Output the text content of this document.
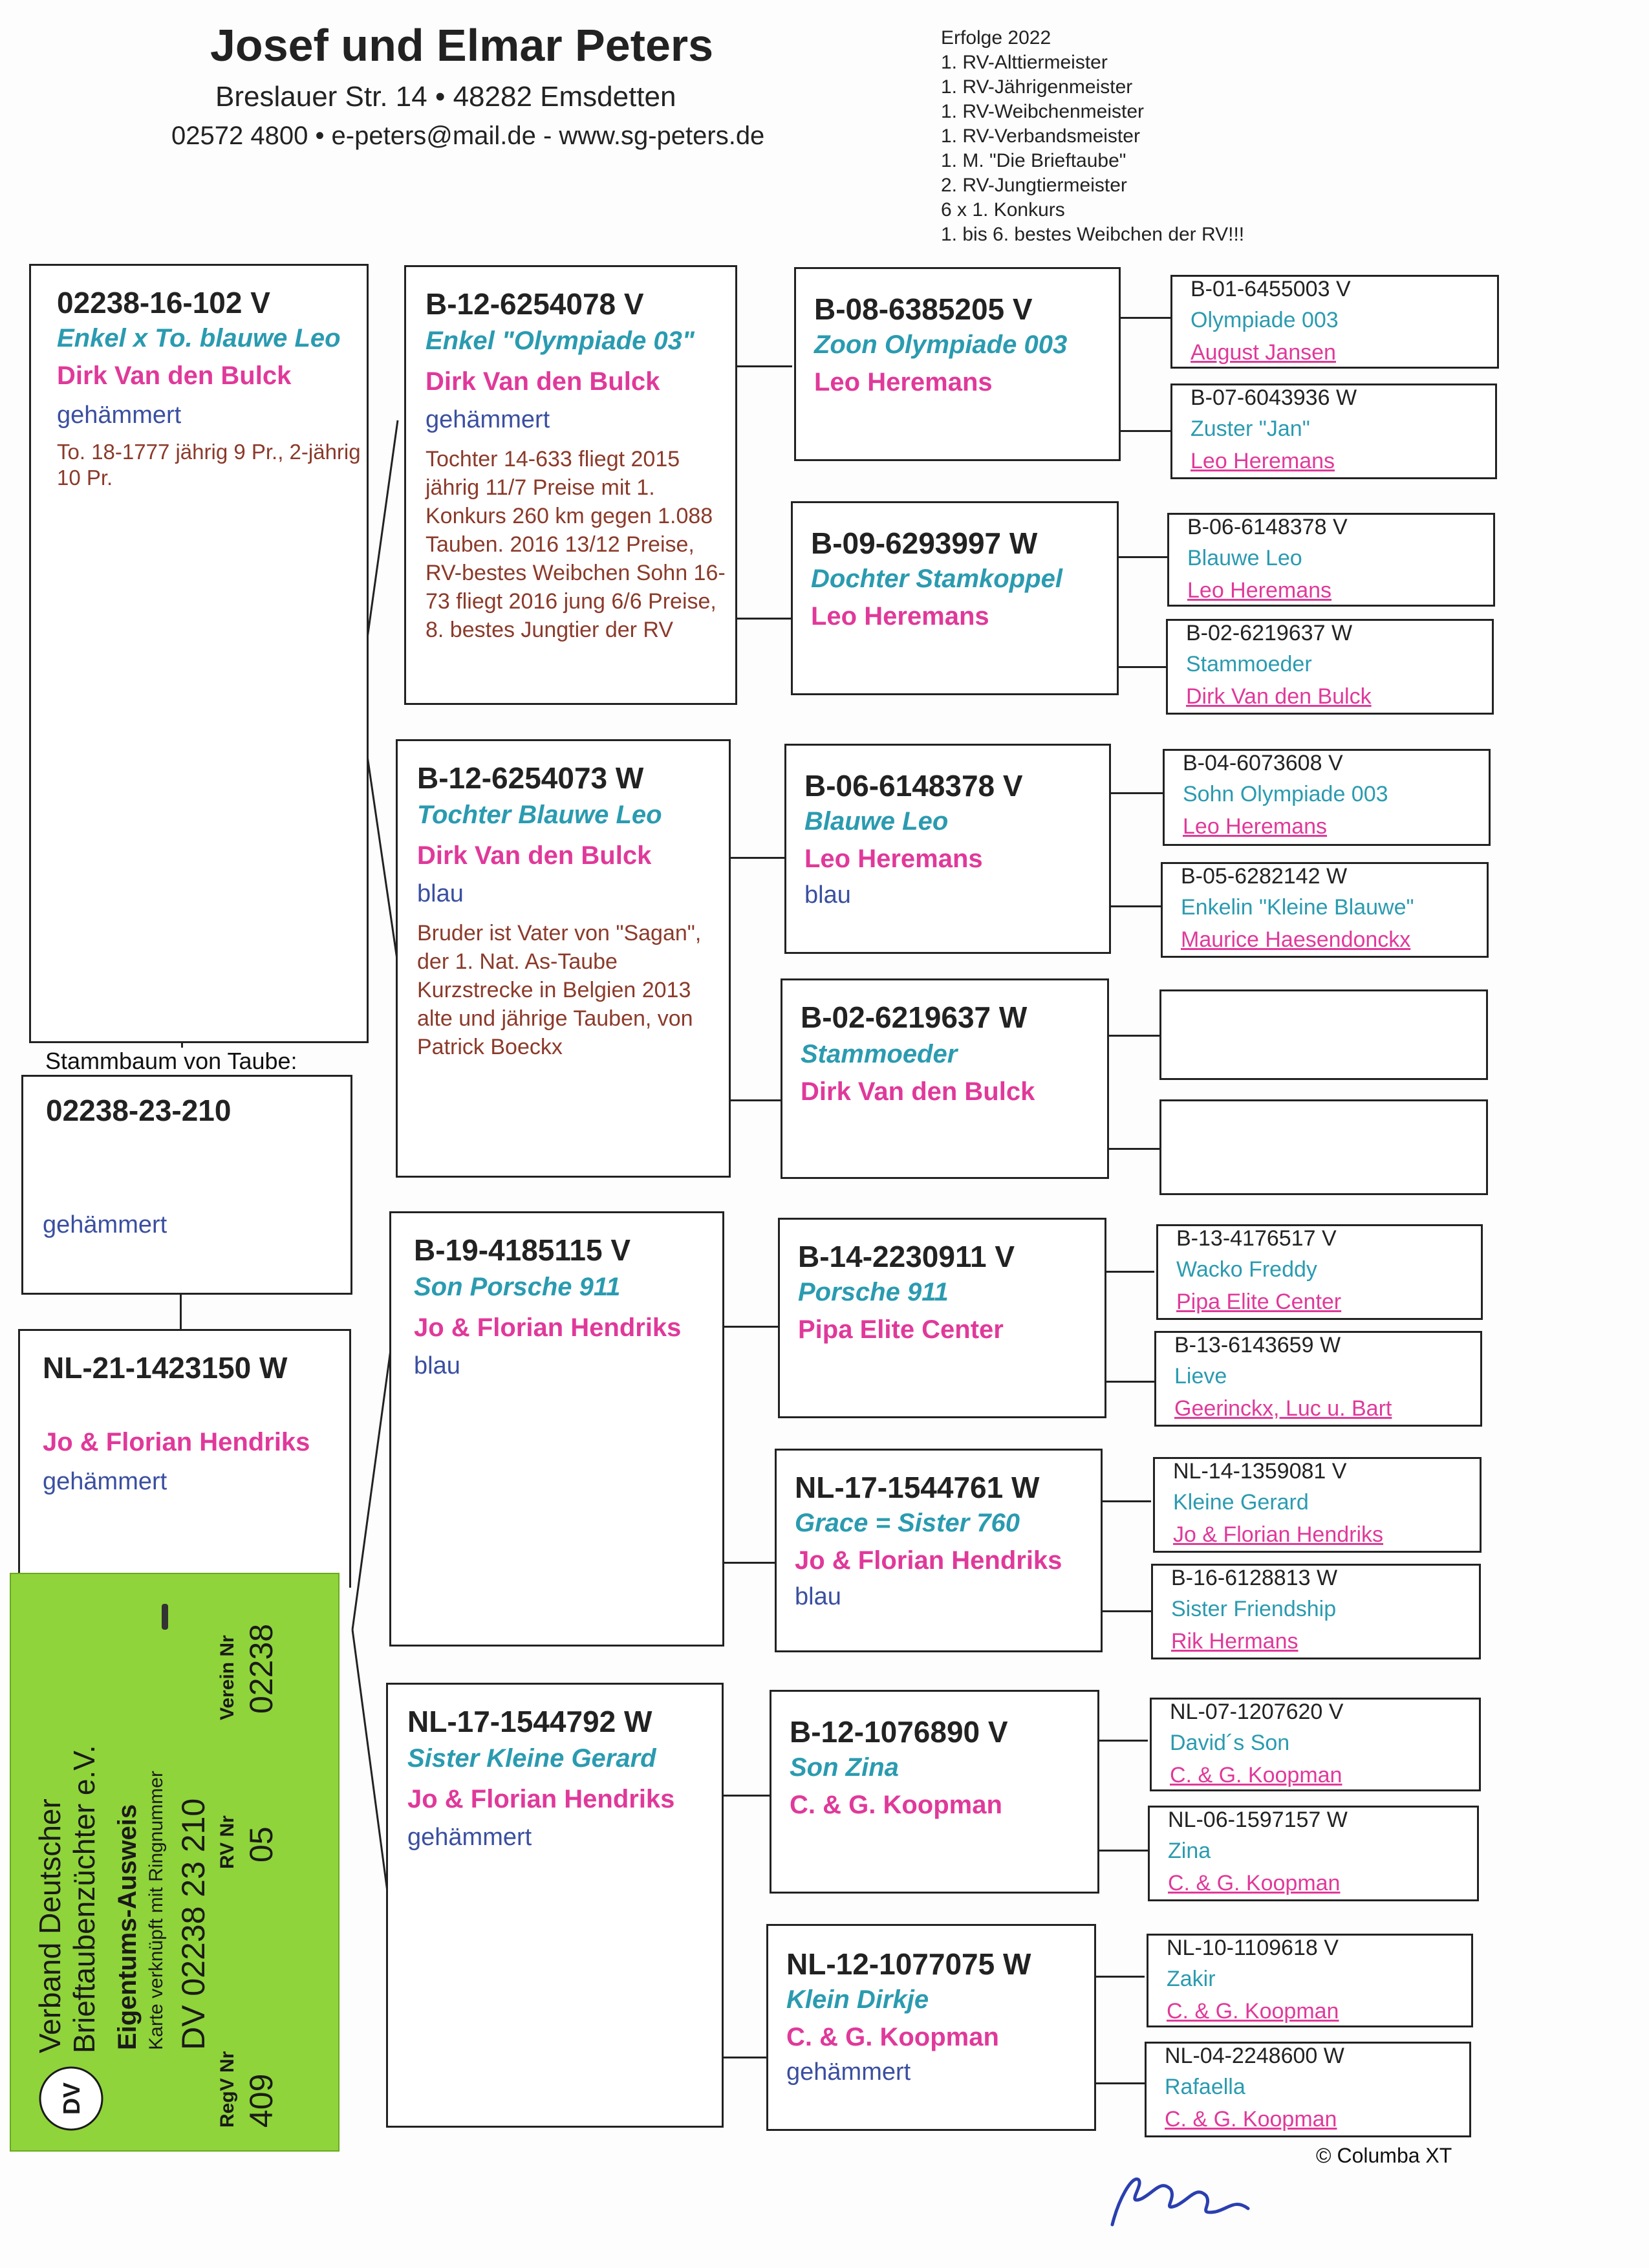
Josef und Elmar Peters
Breslauer Str. 14 • 48282 Emsdetten
02572 4800 • e-peters@mail.de - www.sg-peters.de
Erfolge 2022
1. RV-Alttiermeister
1. RV-Jährigenmeister
1. RV-Weibchenmeister
1. RV-Verbandsmeister
1. M. "Die Brieftaube"
2. RV-Jungtiermeister
6 x 1. Konkurs
1. bis 6. bestes Weibchen der RV!!!
02238-16-102 V
Enkel x To. blauwe Leo
Dirk Van den Bulck
gehämmert
To. 18-1777 jährig 9 Pr., 2-jährig 10 Pr.
02238-23-210
gehämmert
Stammbaum von Taube:
NL-21-1423150 W
Jo & Florian Hendriks
gehämmert
B-12-6254078 V
Enkel "Olympiade 03"
Dirk Van den Bulck
gehämmert
Tochter 14-633 fliegt 2015 jährig 11/7 Preise mit 1. Konkurs 260 km gegen 1.088 Tauben. 2016 13/12 Preise, RV-bestes Weibchen Sohn 16- 73 fliegt 2016 jung 6/6 Preise, 8. bestes Jungtier der RV
B-12-6254073 W
Tochter Blauwe Leo
Dirk Van den Bulck
blau
Bruder ist Vater von "Sagan", der 1. Nat. As-Taube Kurzstrecke in Belgien 2013 alte und jährige Tauben, von Patrick Boeckx
B-19-4185115 V
Son Porsche 911
Jo & Florian Hendriks
blau
NL-17-1544792 W
Sister Kleine Gerard
Jo & Florian Hendriks
gehämmert
B-08-6385205 V
Zoon Olympiade 003
Leo Heremans
B-09-6293997 W
Dochter Stamkoppel
Leo Heremans
B-06-6148378 V
Blauwe Leo
Leo Heremans
blau
B-02-6219637 W
Stammoeder
Dirk Van den Bulck
B-14-2230911 V
Porsche 911
Pipa Elite Center
NL-17-1544761 W
Grace = Sister 760
Jo & Florian Hendriks
blau
B-12-1076890 V
Son Zina
C. & G. Koopman
NL-12-1077075 W
Klein Dirkje
C. & G. Koopman
gehämmert
B-01-6455003 V
Olympiade 003
August Jansen
B-07-6043936 W
Zuster "Jan"
Leo Heremans
B-06-6148378 V
Blauwe Leo
Leo Heremans
B-02-6219637 W
Stammoeder
Dirk Van den Bulck
B-04-6073608 V
Sohn Olympiade 003
Leo Heremans
B-05-6282142 W
Enkelin "Kleine Blauwe"
Maurice Haesendonckx
B-13-4176517 V
Wacko Freddy
Pipa Elite Center
B-13-6143659 W
Lieve
Geerinckx, Luc u. Bart
NL-14-1359081 V
Kleine Gerard
Jo & Florian Hendriks
B-16-6128813 W
Sister Friendship
Rik Hermans
NL-07-1207620 V
David´s Son
C. & G. Koopman
NL-06-1597157 W
Zina
C. & G. Koopman
NL-10-1109618 V
Zakir
C. & G. Koopman
NL-04-2248600 W
Rafaella
C. & G. Koopman
DV
Verband Deutscher Brieftaubenzüchter e.V. Eigentums-Ausweis Karte verknüpft mit Ringnummer DV 02238 23 210
RegV Nr 409
RV Nr 05
Verein Nr 02238
© Columba XT
